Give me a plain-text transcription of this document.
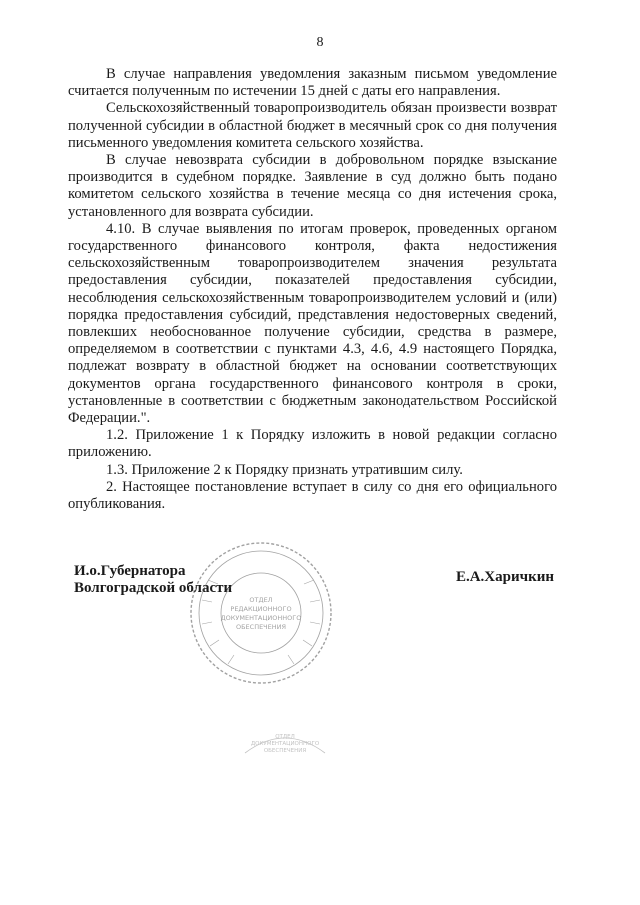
8

В случае направления уведомления заказным письмом уведомление считается полученным по истечении 15 дней с даты его направления.

Сельскохозяйственный товаропроизводитель обязан произвести возврат полученной субсидии в областной бюджет в месячный срок со дня получения письменного уведомления комитета сельского хозяйства.

В случае невозврата субсидии в добровольном порядке взыскание производится в судебном порядке. Заявление в суд должно быть подано комитетом сельского хозяйства в течение месяца со дня истечения срока, установленного для возврата субсидии.

4.10. В случае выявления по итогам проверок, проведенных органом государственного финансового контроля, факта недостижения сельскохозяйственным товаропроизводителем значения результата предоставления субсидии, показателей предоставления субсидии, несоблюдения сельскохозяйственным товаропроизводителем условий и (или) порядка предоставления субсидий, представления недостоверных сведений, повлекших необоснованное получение субсидии, средства в размере, определяемом в соответствии с пунктами 4.3, 4.6, 4.9 настоящего Порядка, подлежат возврату в областной бюджет на основании соответствующих документов органа государственного финансового контроля в сроки, установленные в соответствии с бюджетным законодательством Российской Федерации.".

1.2. Приложение 1 к Порядку изложить в новой редакции согласно приложению.

1.3. Приложение 2 к Порядку признать утратившим силу.

2. Настоящее постановление вступает в силу со дня его официального опубликования.

И.о.Губернатора
Волгоградской области
Е.А.Харичкин
ОТДЕЛ
РЕДАКЦИОННОГО
ДОКУМЕНТАЦИОННОГО
ОБЕСПЕЧЕНИЯ
ОТДЕЛ
ДОКУМЕНТАЦИОННОГО
ОБЕСПЕЧЕНИЯ
